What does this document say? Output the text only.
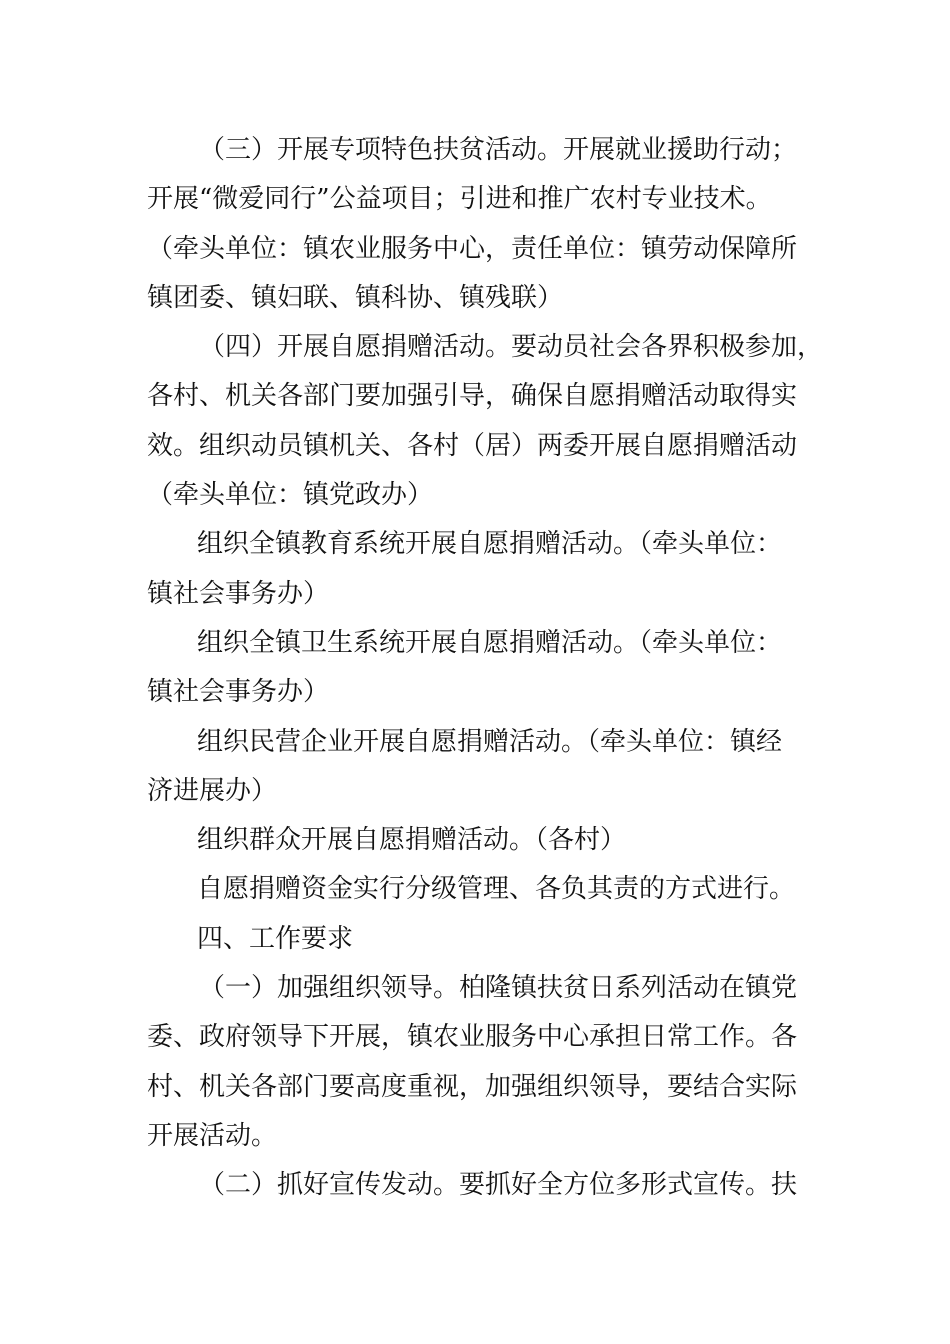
（三）开展专项特色扶贫活动。开展就业援助行动；
开展“微爱同行”公益项目；引进和推广农村专业技术。
（牵头单位：镇农业服务中心，责任单位：镇劳动保障所
镇团委、镇妇联、镇科协、镇残联）
（四）开展自愿捐赠活动。要动员社会各界积极参加，
各村、机关各部门要加强引导，确保自愿捐赠活动取得实
效。组织动员镇机关、各村（居）两委开展自愿捐赠活动
（牵头单位：镇党政办）
组织全镇教育系统开展自愿捐赠活动。（牵头单位：
镇社会事务办）
组织全镇卫生系统开展自愿捐赠活动。（牵头单位：
镇社会事务办）
组织民营企业开展自愿捐赠活动。（牵头单位：镇经
济进展办）
组织群众开展自愿捐赠活动。（各村）
自愿捐赠资金实行分级管理、各负其责的方式进行。
四、工作要求
（一）加强组织领导。柏隆镇扶贫日系列活动在镇党
委、政府领导下开展，镇农业服务中心承担日常工作。各
村、机关各部门要高度重视，加强组织领导，要结合实际
开展活动。
（二）抓好宣传发动。要抓好全方位多形式宣传。扶
